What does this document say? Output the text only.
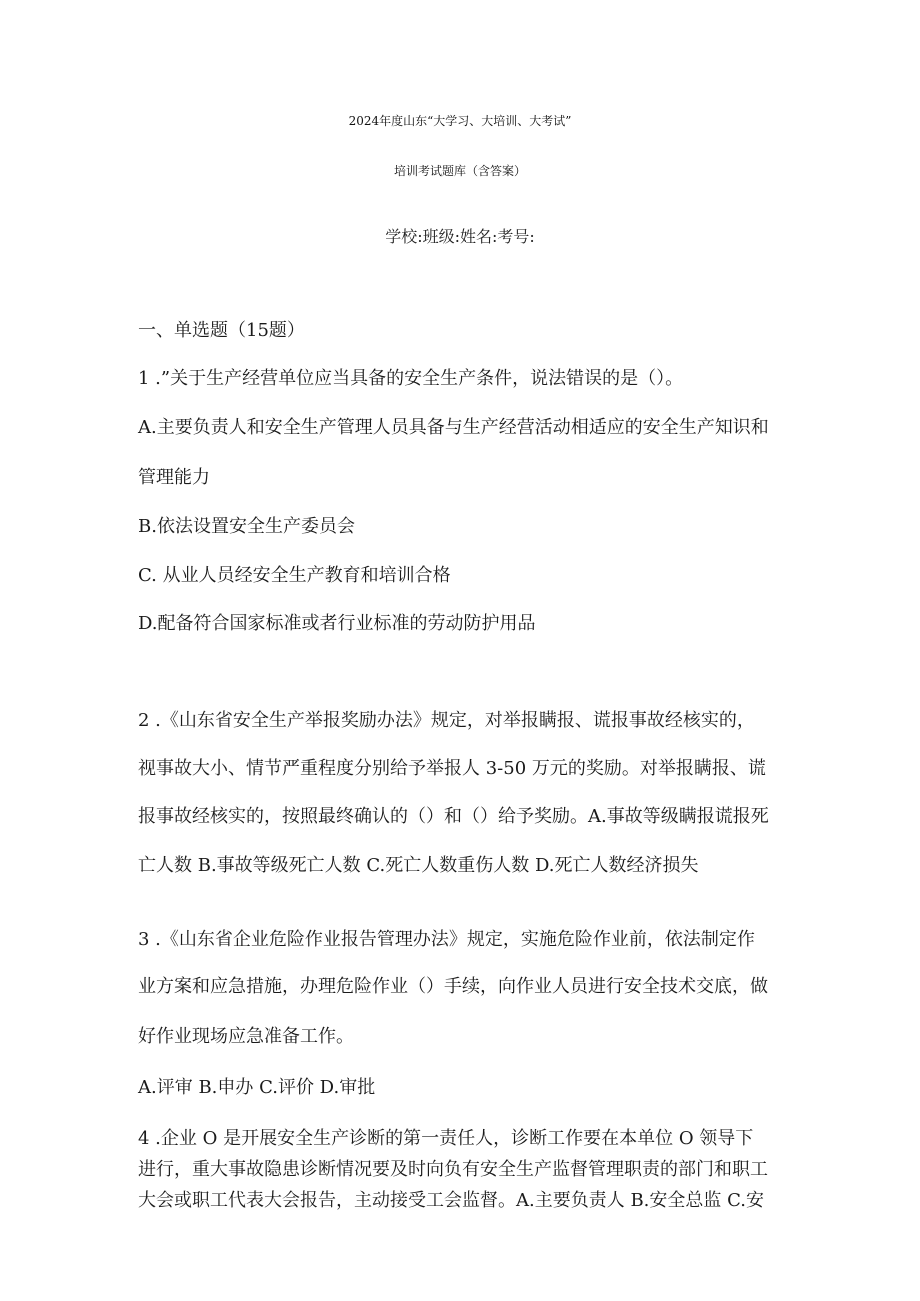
2024年度山东“大学习、大培训、大考试”
培训考试题库（含答案）
学校:班级:姓名:考号:
一、单选题（15题）
1 .”关于生产经营单位应当具备的安全生产条件，说法错误的是（）。
A.主要负责人和安全生产管理人员具备与生产经营活动相适应的安全生产知识和
管理能力
B.依法设置安全生产委员会
C. 从业人员经安全生产教育和培训合格
D.配备符合国家标准或者行业标准的劳动防护用品
2 .《山东省安全生产举报奖励办法》规定，对举报瞒报、谎报事故经核实的，
视事故大小、情节严重程度分别给予举报人 3-50 万元的奖励。对举报瞒报、谎
报事故经核实的，按照最终确认的（）和（）给予奖励。A.事故等级瞒报谎报死
亡人数 B.事故等级死亡人数 C.死亡人数重伤人数 D.死亡人数经济损失
3 .《山东省企业危险作业报告管理办法》规定，实施危险作业前，依法制定作
业方案和应急措施，办理危险作业（）手续，向作业人员进行安全技术交底，做
好作业现场应急准备工作。
A.评审 B.申办 C.评价 D.审批
4 .企业 O 是开展安全生产诊断的第一责任人，诊断工作要在本单位 O 领导下
进行，重大事故隐患诊断情况要及时向负有安全生产监督管理职责的部门和职工
大会或职工代表大会报告，主动接受工会监督。A.主要负责人 B.安全总监 C.安
